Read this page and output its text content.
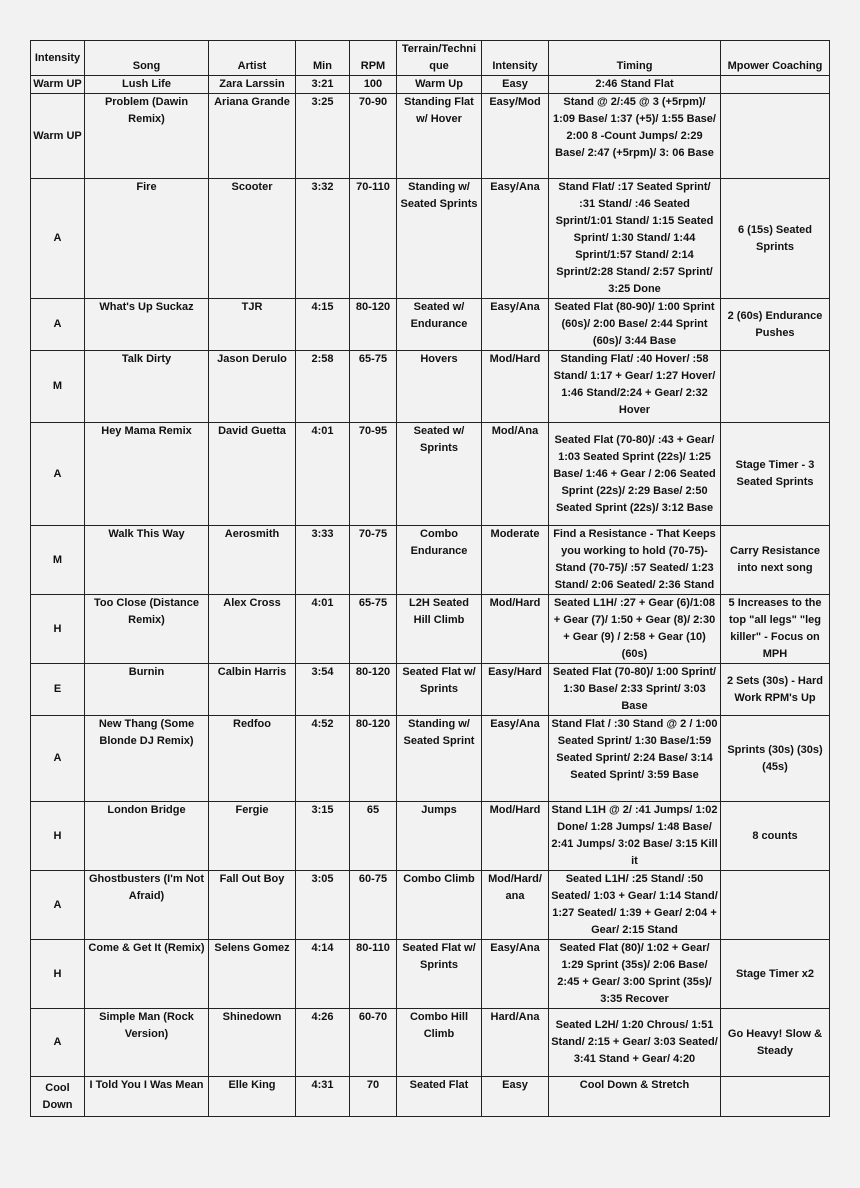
Intensity	Song	Artist	Min	RPM	Terrain/Technique	Intensity	Timing	Mpower Coaching
Warm UP	Lush Life	Zara Larssin	3:21	100	Warm Up	Easy	2:46 Stand Flat	
Warm UP	Problem (Dawin Remix)	Ariana Grande	3:25	70-90	Standing Flat w/ Hover	Easy/Mod	Stand @ 2/:45 @ 3 (+5rpm)/ 1:09 Base/ 1:37 (+5)/ 1:55 Base/ 2:00 8 -Count Jumps/ 2:29 Base/ 2:47 (+5rpm)/ 3: 06 Base	
A	Fire	Scooter	3:32	70-110	Standing w/ Seated Sprints	Easy/Ana	Stand Flat/ :17 Seated Sprint/ :31 Stand/ :46 Seated Sprint/1:01 Stand/ 1:15 Seated Sprint/ 1:30 Stand/ 1:44 Sprint/1:57 Stand/ 2:14 Sprint/2:28 Stand/ 2:57 Sprint/ 3:25 Done	6 (15s) Seated Sprints
A	What's Up Suckaz	TJR	4:15	80-120	Seated w/ Endurance	Easy/Ana	Seated Flat (80-90)/ 1:00 Sprint (60s)/ 2:00 Base/ 2:44 Sprint (60s)/ 3:44 Base	2 (60s) Endurance Pushes
M	Talk Dirty	Jason Derulo	2:58	65-75	Hovers	Mod/Hard	Standing Flat/ :40 Hover/ :58 Stand/ 1:17 + Gear/ 1:27 Hover/ 1:46 Stand/2:24 + Gear/ 2:32 Hover	
A	Hey Mama Remix	David Guetta	4:01	70-95	Seated w/ Sprints	Mod/Ana	Seated Flat (70-80)/ :43 + Gear/ 1:03 Seated Sprint (22s)/ 1:25 Base/ 1:46 + Gear / 2:06 Seated Sprint (22s)/ 2:29 Base/ 2:50 Seated Sprint (22s)/ 3:12 Base	Stage Timer - 3 Seated Sprints
M	Walk This Way	Aerosmith	3:33	70-75	Combo Endurance	Moderate	Find a Resistance - That Keeps you working to hold (70-75)- Stand (70-75)/ :57 Seated/ 1:23 Stand/ 2:06 Seated/ 2:36 Stand	Carry Resistance into next song
H	Too Close (Distance Remix)	Alex Cross	4:01	65-75	L2H Seated Hill Climb	Mod/Hard	Seated L1H/ :27 + Gear (6)/1:08 + Gear (7)/ 1:50 + Gear (8)/ 2:30 + Gear (9) / 2:58 + Gear (10) (60s)	5 Increases to the top "all legs" "leg killer" - Focus on MPH
E	Burnin	Calbin Harris	3:54	80-120	Seated Flat w/ Sprints	Easy/Hard	Seated Flat (70-80)/ 1:00 Sprint/ 1:30 Base/ 2:33 Sprint/ 3:03 Base	2 Sets (30s) - Hard Work RPM's Up
A	New Thang (Some Blonde DJ Remix)	Redfoo	4:52	80-120	Standing w/ Seated Sprint	Easy/Ana	Stand Flat / :30 Stand @ 2 / 1:00 Seated Sprint/ 1:30 Base/1:59 Seated Sprint/ 2:24 Base/ 3:14 Seated Sprint/ 3:59 Base	Sprints (30s) (30s) (45s)
H	London Bridge	Fergie	3:15	65	Jumps	Mod/Hard	Stand L1H @ 2/ :41 Jumps/ 1:02 Done/ 1:28 Jumps/ 1:48 Base/ 2:41 Jumps/ 3:02 Base/ 3:15 Kill it	8 counts
A	Ghostbusters (I'm Not Afraid)	Fall Out Boy	3:05	60-75	Combo Climb	Mod/Hard/ ana	Seated L1H/ :25 Stand/ :50 Seated/ 1:03 + Gear/ 1:14 Stand/ 1:27 Seated/ 1:39 + Gear/ 2:04 + Gear/ 2:15 Stand	
H	Come & Get It (Remix)	Selens Gomez	4:14	80-110	Seated Flat w/ Sprints	Easy/Ana	Seated Flat (80)/ 1:02 + Gear/ 1:29 Sprint (35s)/ 2:06 Base/ 2:45 + Gear/ 3:00 Sprint (35s)/ 3:35 Recover	Stage Timer x2
A	Simple Man (Rock Version)	Shinedown	4:26	60-70	Combo Hill Climb	Hard/Ana	Seated L2H/ 1:20 Chrous/ 1:51 Stand/ 2:15 + Gear/ 3:03 Seated/ 3:41 Stand + Gear/ 4:20	Go Heavy! Slow & Steady
Cool Down	I Told You I Was Mean	Elle King	4:31	70	Seated Flat	Easy	Cool Down & Stretch	
